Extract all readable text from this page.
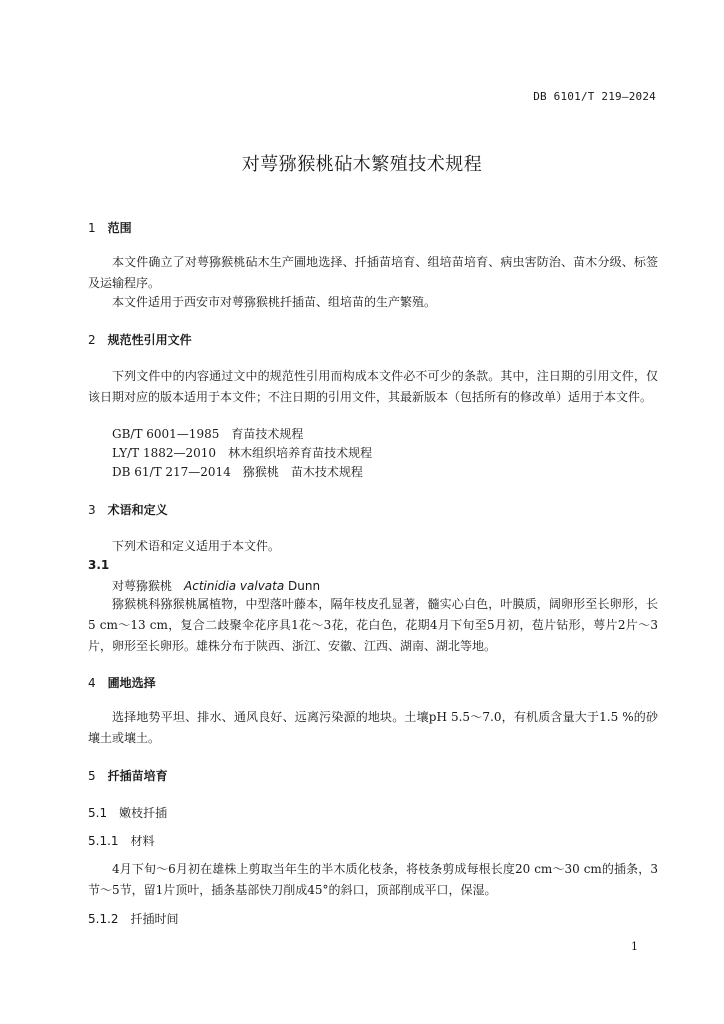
DB 6101/T 219—2024
对萼猕猴桃砧木繁殖技术规程
1 范围
本文件确立了对萼猕猴桃砧木生产圃地选择、扦插苗培育、组培苗培育、病虫害防治、苗木分级、标签及运输程序。
本文件适用于西安市对萼猕猴桃扦插苗、组培苗的生产繁殖。
2 规范性引用文件
下列文件中的内容通过文中的规范性引用而构成本文件必不可少的条款。其中，注日期的引用文件，仅该日期对应的版本适用于本文件；不注日期的引用文件，其最新版本（包括所有的修改单）适用于本文件。
GB/T 6001—1985　育苗技术规程
LY/T 1882—2010　林木组织培养育苗技术规程
DB 61/T 217—2014　猕猴桃　苗木技术规程
3 术语和定义
下列术语和定义适用于本文件。
3.1
对萼猕猴桃 Actinidia valvata Dunn
猕猴桃科猕猴桃属植物，中型落叶藤本，隔年枝皮孔显著，髓实心白色，叶膜质，阔卵形至长卵形，长5 cm～13 cm，复合二歧聚伞花序具1花～3花，花白色，花期4月下旬至5月初，苞片钻形，萼片2片～3片，卵形至长卵形。雄株分布于陕西、浙江、安徽、江西、湖南、湖北等地。
4 圃地选择
选择地势平坦、排水、通风良好、远离污染源的地块。土壤pH 5.5～7.0，有机质含量大于1.5 %的砂壤土或壤土。
5 扦插苗培育
5.1 嫩枝扦插
5.1.1 材料
4月下旬～6月初在雄株上剪取当年生的半木质化枝条，将枝条剪成每根长度20 cm～30 cm的插条，3节～5节，留1片顶叶，插条基部快刀削成45°的斜口，顶部削成平口，保湿。
5.1.2 扦插时间
1
